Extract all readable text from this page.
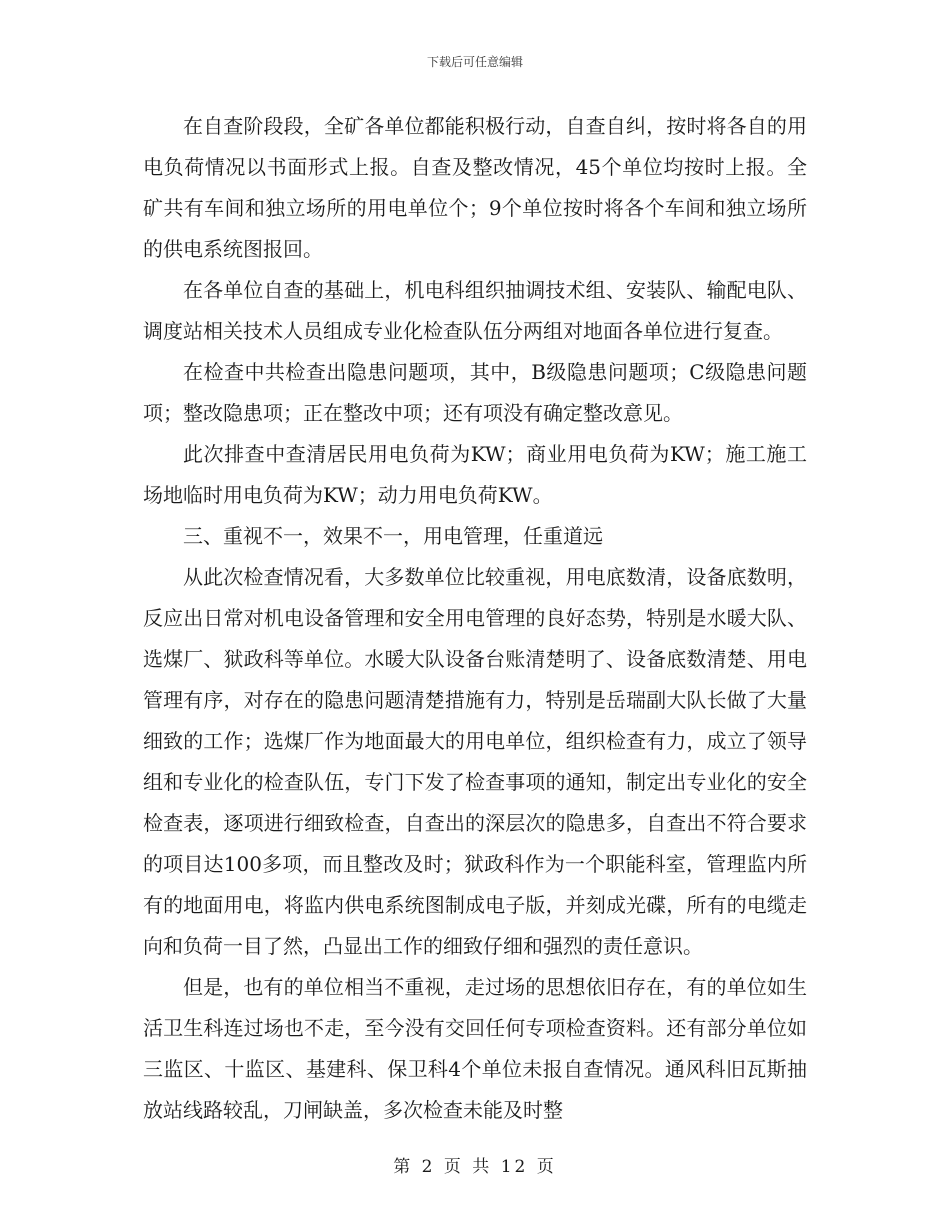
下载后可任意编辑

在自查阶段段，全矿各单位都能积极行动，自查自纠，按时将各自的用电负荷情况以书面形式上报。自查及整改情况，45个单位均按时上报。全矿共有车间和独立场所的用电单位个；9个单位按时将各个车间和独立场所的供电系统图报回。

在各单位自查的基础上，机电科组织抽调技术组、安装队、输配电队、调度站相关技术人员组成专业化检查队伍分两组对地面各单位进行复查。

在检查中共检查出隐患问题项，其中，B级隐患问题项；C级隐患问题项；整改隐患项；正在整改中项；还有项没有确定整改意见。

此次排查中查清居民用电负荷为KW；商业用电负荷为KW；施工施工场地临时用电负荷为KW；动力用电负荷KW。

三、重视不一，效果不一，用电管理，任重道远

从此次检查情况看，大多数单位比较重视，用电底数清，设备底数明，反应出日常对机电设备管理和安全用电管理的良好态势，特别是水暖大队、选煤厂、狱政科等单位。水暖大队设备台账清楚明了、设备底数清楚、用电管理有序，对存在的隐患问题清楚措施有力，特别是岳瑞副大队长做了大量细致的工作；选煤厂作为地面最大的用电单位，组织检查有力，成立了领导组和专业化的检查队伍，专门下发了检查事项的通知，制定出专业化的安全检查表，逐项进行细致检查，自查出的深层次的隐患多，自查出不符合要求的项目达100多项，而且整改及时；狱政科作为一个职能科室，管理监内所有的地面用电，将监内供电系统图制成电子版，并刻成光碟，所有的电缆走向和负荷一目了然，凸显出工作的细致仔细和强烈的责任意识。

但是，也有的单位相当不重视，走过场的思想依旧存在，有的单位如生活卫生科连过场也不走，至今没有交回任何专项检查资料。还有部分单位如三监区、十监区、基建科、保卫科4个单位未报自查情况。通风科旧瓦斯抽放站线路较乱，刀闸缺盖，多次检查未能及时整

第 2 页 共 12 页
